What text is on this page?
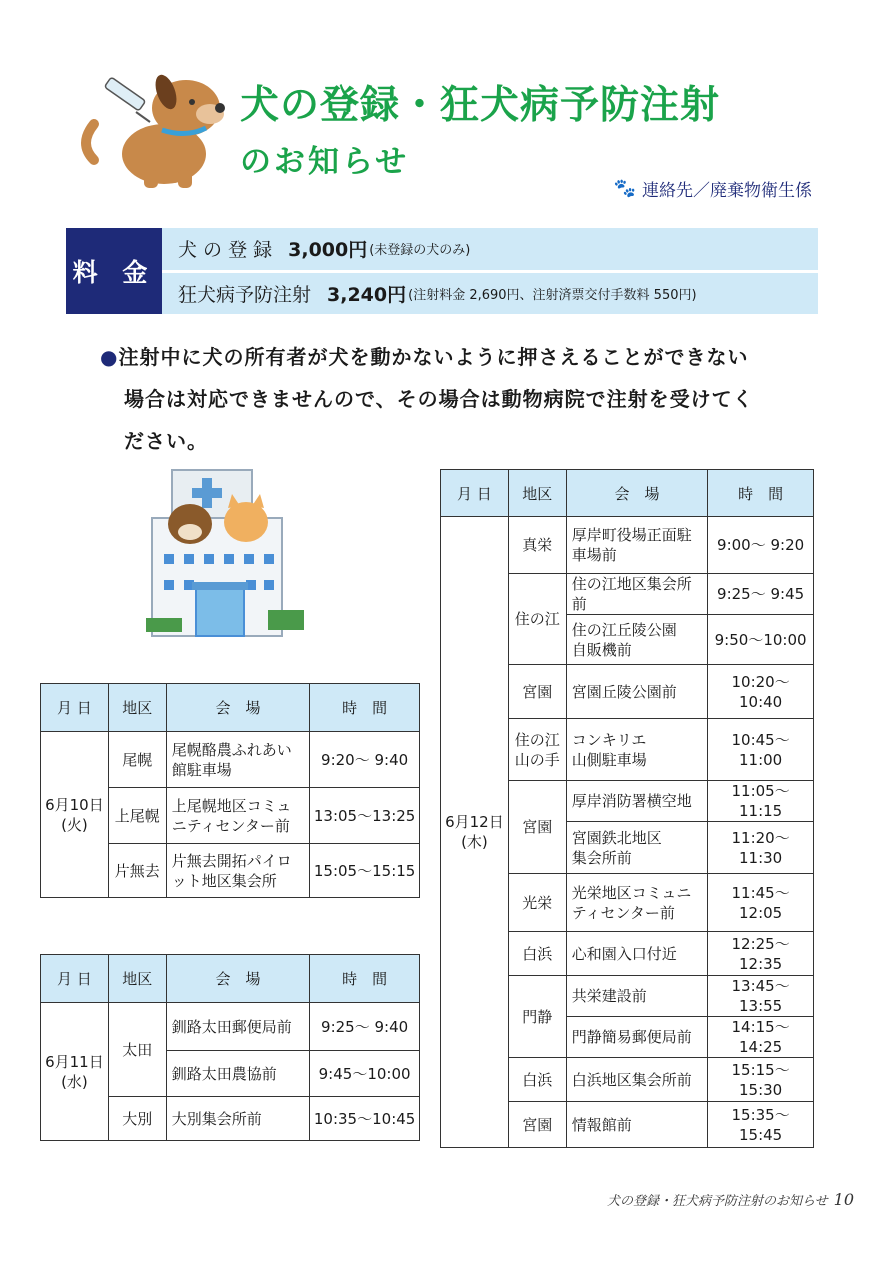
犬の登録・狂犬病予防注射
のお知らせ
🐾 連絡先／廃棄物衛生係
料 金
犬 の 登 録 3,000円 (未登録の犬のみ)
狂犬病予防注射 3,240円 (注射料金 2,690円、注射済票交付手数料 550円)
●注射中に犬の所有者が犬を動かないように押さえることができない
場合は対応できませんので、その場合は動物病院で注射を受けてく
ださい。
月 日	地区	会　場	時　間
6月10日
(火)	尾幌	尾幌酪農ふれあい
館駐車場	9:20～ 9:40
	上尾幌	上尾幌地区コミュ
ニティセンター前	13:05～13:25
	片無去	片無去開拓パイロ
ット地区集会所	15:05～15:15
月 日	地区	会　場	時　間
6月11日
(水)	太田	釧路太田郵便局前	9:25～ 9:40
		釧路太田農協前	9:45～10:00
	大別	大別集会所前	10:35～10:45
月 日	地区	会　場	時　間
6月12日
(木)	真栄	厚岸町役場正面駐
車場前	9:00～ 9:20
	住の江	住の江地区集会所前	9:25～ 9:45
		住の江丘陵公園
自販機前	9:50～10:00
	宮園	宮園丘陵公園前	10:20～10:40
	住の江
山の手	コンキリエ
山側駐車場	10:45～11:00
	宮園	厚岸消防署横空地	11:05～11:15
		宮園鉄北地区
集会所前	11:20～11:30
	光栄	光栄地区コミュニ
ティセンター前	11:45～12:05
	白浜	心和園入口付近	12:25～12:35
	門静	共栄建設前	13:45～13:55
		門静簡易郵便局前	14:15～14:25
	白浜	白浜地区集会所前	15:15～15:30
	宮園	情報館前	15:35～15:45
犬の登録・狂犬病予防注射のお知らせ 10
